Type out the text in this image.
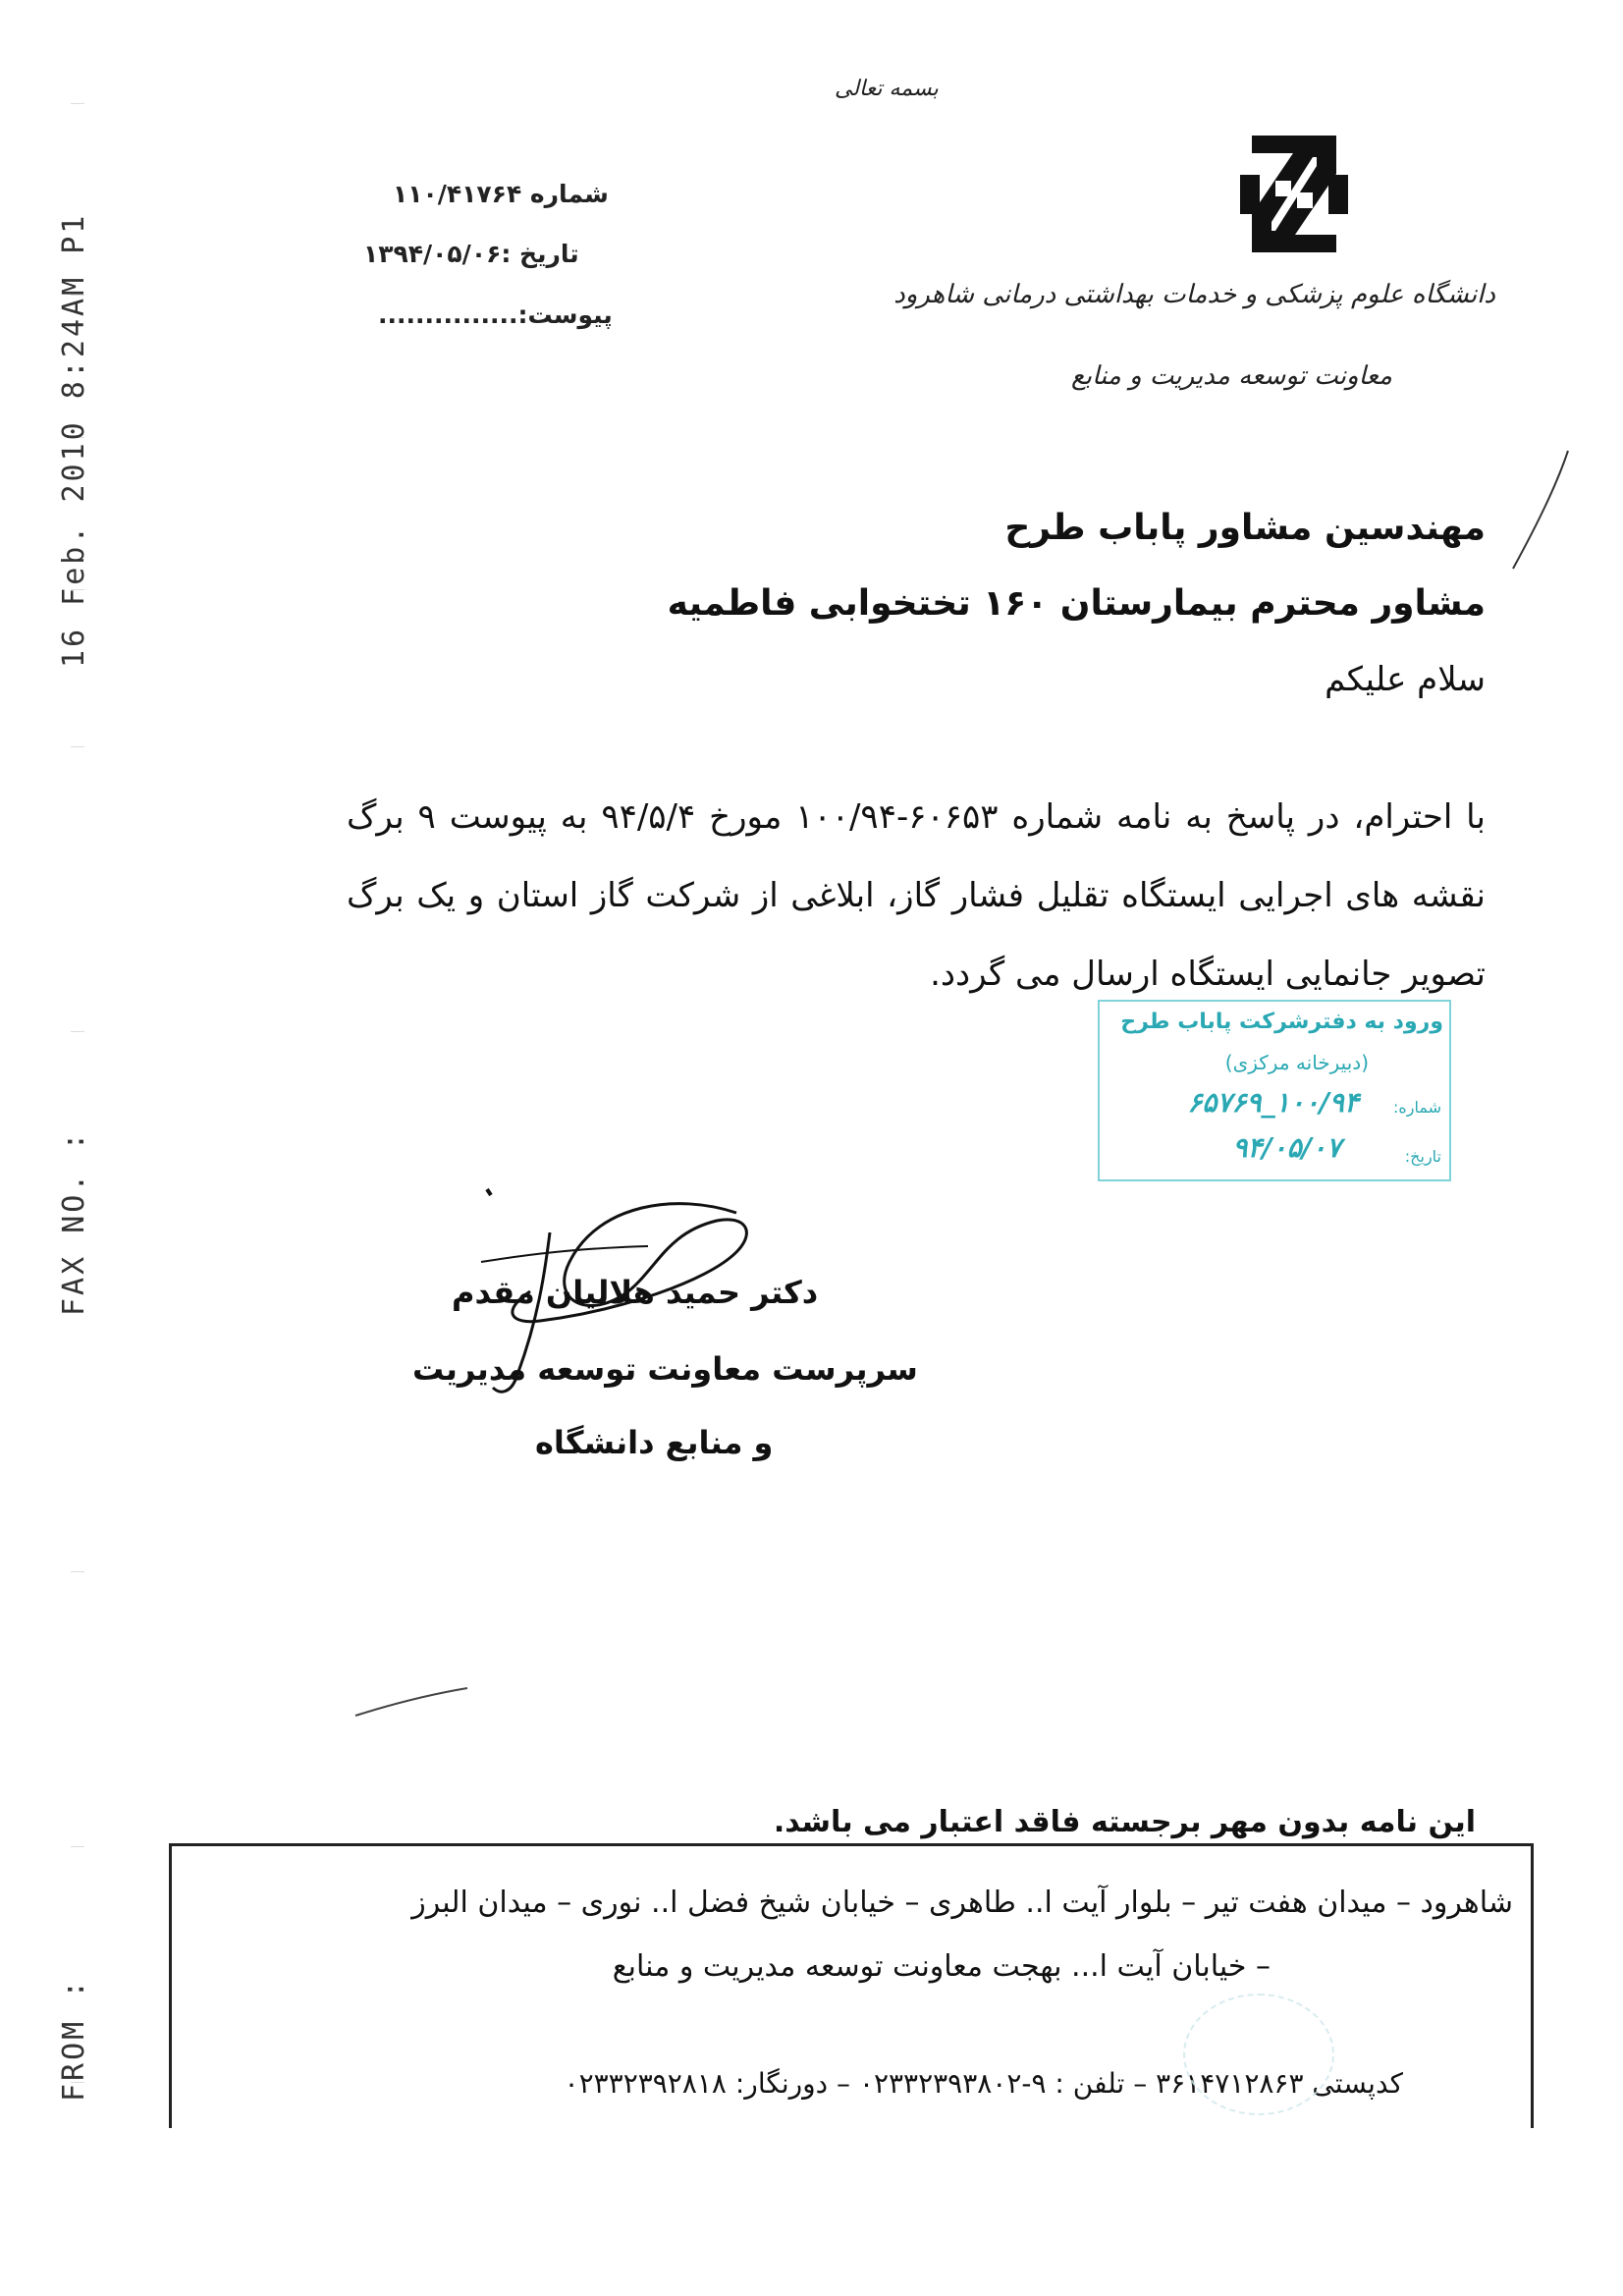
16 Feb. 2010 8:24AM P1
FAX NO. :
FROM :
بسمه تعالی
شماره ۱۱۰/۴۱۷۶۴
تاریخ :۱۳۹۴/۰۵/۰۶
پیوست:...............
دانشگاه علوم پزشکی و خدمات بهداشتی درمانی شاهرود
معاونت توسعه مدیریت و منابع
مهندسین مشاور پاباب طرح
مشاور محترم بیمارستان ۱۶۰ تختخوابی فاطمیه
سلام علیکم
با احترام، در پاسخ به نامه شماره ۶۰۶۵۳-۱۰۰/۹۴ مورخ ۹۴/۵/۴ به پیوست ۹ برگ نقشه های اجرایی ایستگاه تقلیل فشار گاز، ابلاغی از شرکت گاز استان و یک برگ تصویر جانمایی ایستگاه ارسال می گردد.
ورود به دفترشرکت پاباب طرح
(دبیرخانه مرکزی)
شماره:
۱۰۰/۹۴_۶۵۷۶۹
تاریخ:
۹۴/۰۵/۰۷
دکتر حمید هلالیان مقدم
سرپرست معاونت توسعه مدیریت
و منابع دانشگاه
این نامه بدون مهر برجسته فاقد اعتبار می باشد.
شاهرود – میدان هفت تیر – بلوار آیت ا.. طاهری – خیابان شیخ فضل ا.. نوری – میدان البرز
– خیابان آیت ا... بهجت معاونت توسعه مدیریت و منابع
کدپستی ۳۶۱۴۷۱۲۸۶۳ – تلفن : ۹-۰۲۳۳۲۳۹۳۸۰۲ – دورنگار: ۰۲۳۳۲۳۹۲۸۱۸
